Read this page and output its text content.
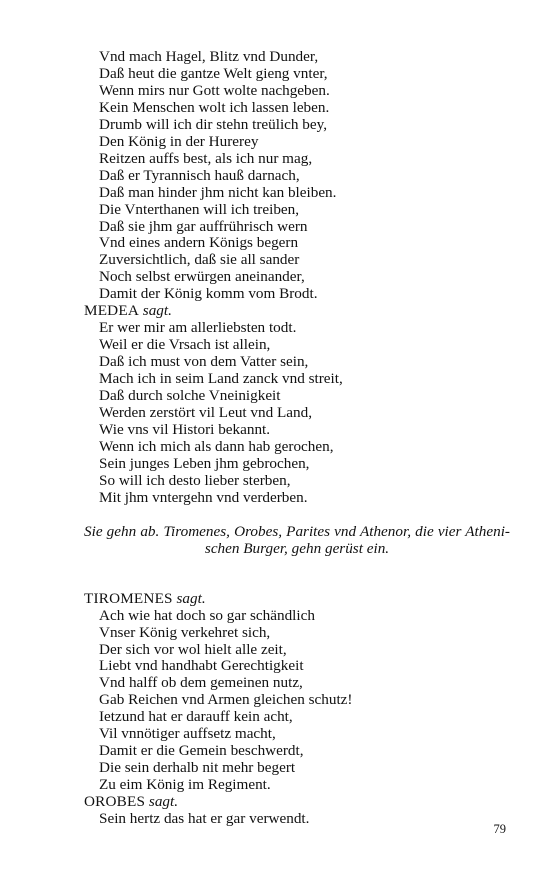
Vnd mach Hagel, Blitz vnd Dunder,
Daß heut die gantze Welt gieng vnter,
Wenn mirs nur Gott wolte nachgeben.
Kein Menschen wolt ich lassen leben.
Drumb will ich dir stehn treülich bey,
Den König in der Hurerey
Reitzen auffs best, als ich nur mag,
Daß er Tyrannisch hauß darnach,
Daß man hinder jhm nicht kan bleiben.
Die Vnterthanen will ich treiben,
Daß sie jhm gar auffrührisch wern
Vnd eines andern Königs begern
Zuversichtlich, daß sie all sander
Noch selbst erwürgen aneinander,
Damit der König komm vom Brodt.
MEDEA sagt.
Er wer mir am allerliebsten todt.
Weil er die Vrsach ist allein,
Daß ich must von dem Vatter sein,
Mach ich in seim Land zanck vnd streit,
Daß durch solche Vneinigkeit
Werden zerstört vil Leut vnd Land,
Wie vns vil Histori bekannt.
Wenn ich mich als dann hab gerochen,
Sein junges Leben jhm gebrochen,
So will ich desto lieber sterben,
Mit jhm vntergehn vnd verderben.
Sie gehn ab. Tiromenes, Orobes, Parites vnd Athenor, die vier Atheni-
schen Burger, gehn gerüst ein.
TIROMENES sagt.
Ach wie hat doch so gar schändlich
Vnser König verkehret sich,
Der sich vor wol hielt alle zeit,
Liebt vnd handhabt Gerechtigkeit
Vnd halff ob dem gemeinen nutz,
Gab Reichen vnd Armen gleichen schutz!
Ietzund hat er darauff kein acht,
Vil vnnötiger auffsetz macht,
Damit er die Gemein beschwerdt,
Die sein derhalb nit mehr begert
Zu eim König im Regiment.
OROBES sagt.
Sein hertz das hat er gar verwendt.
79
